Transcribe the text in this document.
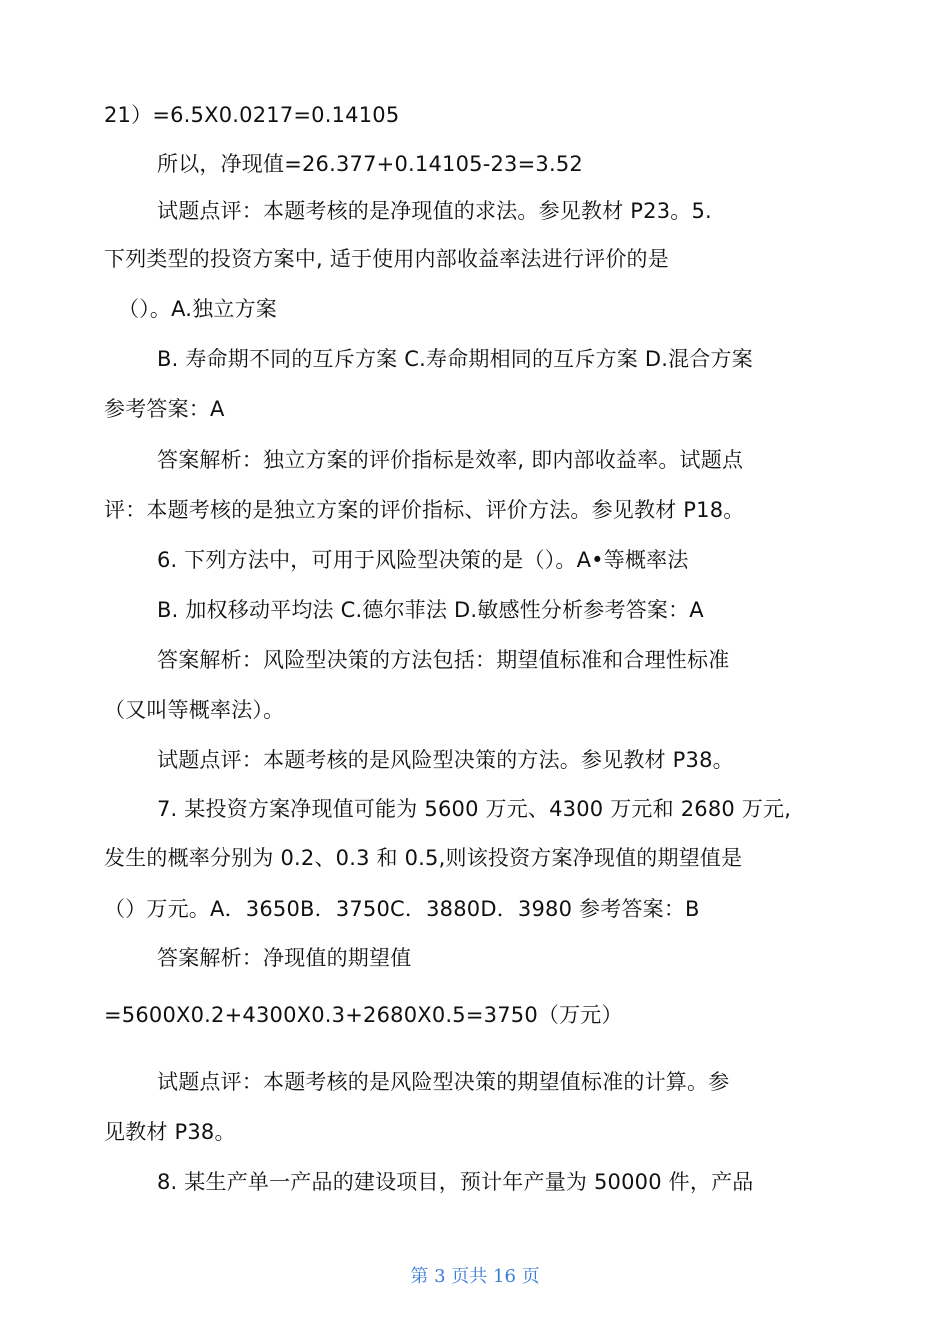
21）=6.5X0.0217=0.14105
所以，净现值=26.377+0.14105-23=3.52
试题点评：本题考核的是净现值的求法。参见教材 P23。5.
下列类型的投资方案中, 适于使用内部收益率法进行评价的是
（）。A.独立方案
B. 寿命期不同的互斥方案 C.寿命期相同的互斥方案 D.混合方案
参考答案：A
答案解析：独立方案的评价指标是效率, 即内部收益率。试题点
评：本题考核的是独立方案的评价指标、评价方法。参见教材 P18。
6. 下列方法中，可用于风险型决策的是（）。A•等概率法
B. 加权移动平均法 C.德尔菲法 D.敏感性分析参考答案：A
答案解析：风险型决策的方法包括：期望值标准和合理性标准
（又叫等概率法）。
试题点评：本题考核的是风险型决策的方法。参见教材 P38。
7. 某投资方案净现值可能为 5600 万元、4300 万元和 2680 万元,
发生的概率分别为 0.2、0.3 和 0.5,则该投资方案净现值的期望值是
（）万元。A．3650B．3750C．3880D．3980 参考答案：B
答案解析：净现值的期望值
=5600X0.2+4300X0.3+2680X0.5=3750（万元）
试题点评：本题考核的是风险型决策的期望值标准的计算。参
见教材 P38。
8. 某生产单一产品的建设项目，预计年产量为 50000 件，产品
第 3 页共 16 页
